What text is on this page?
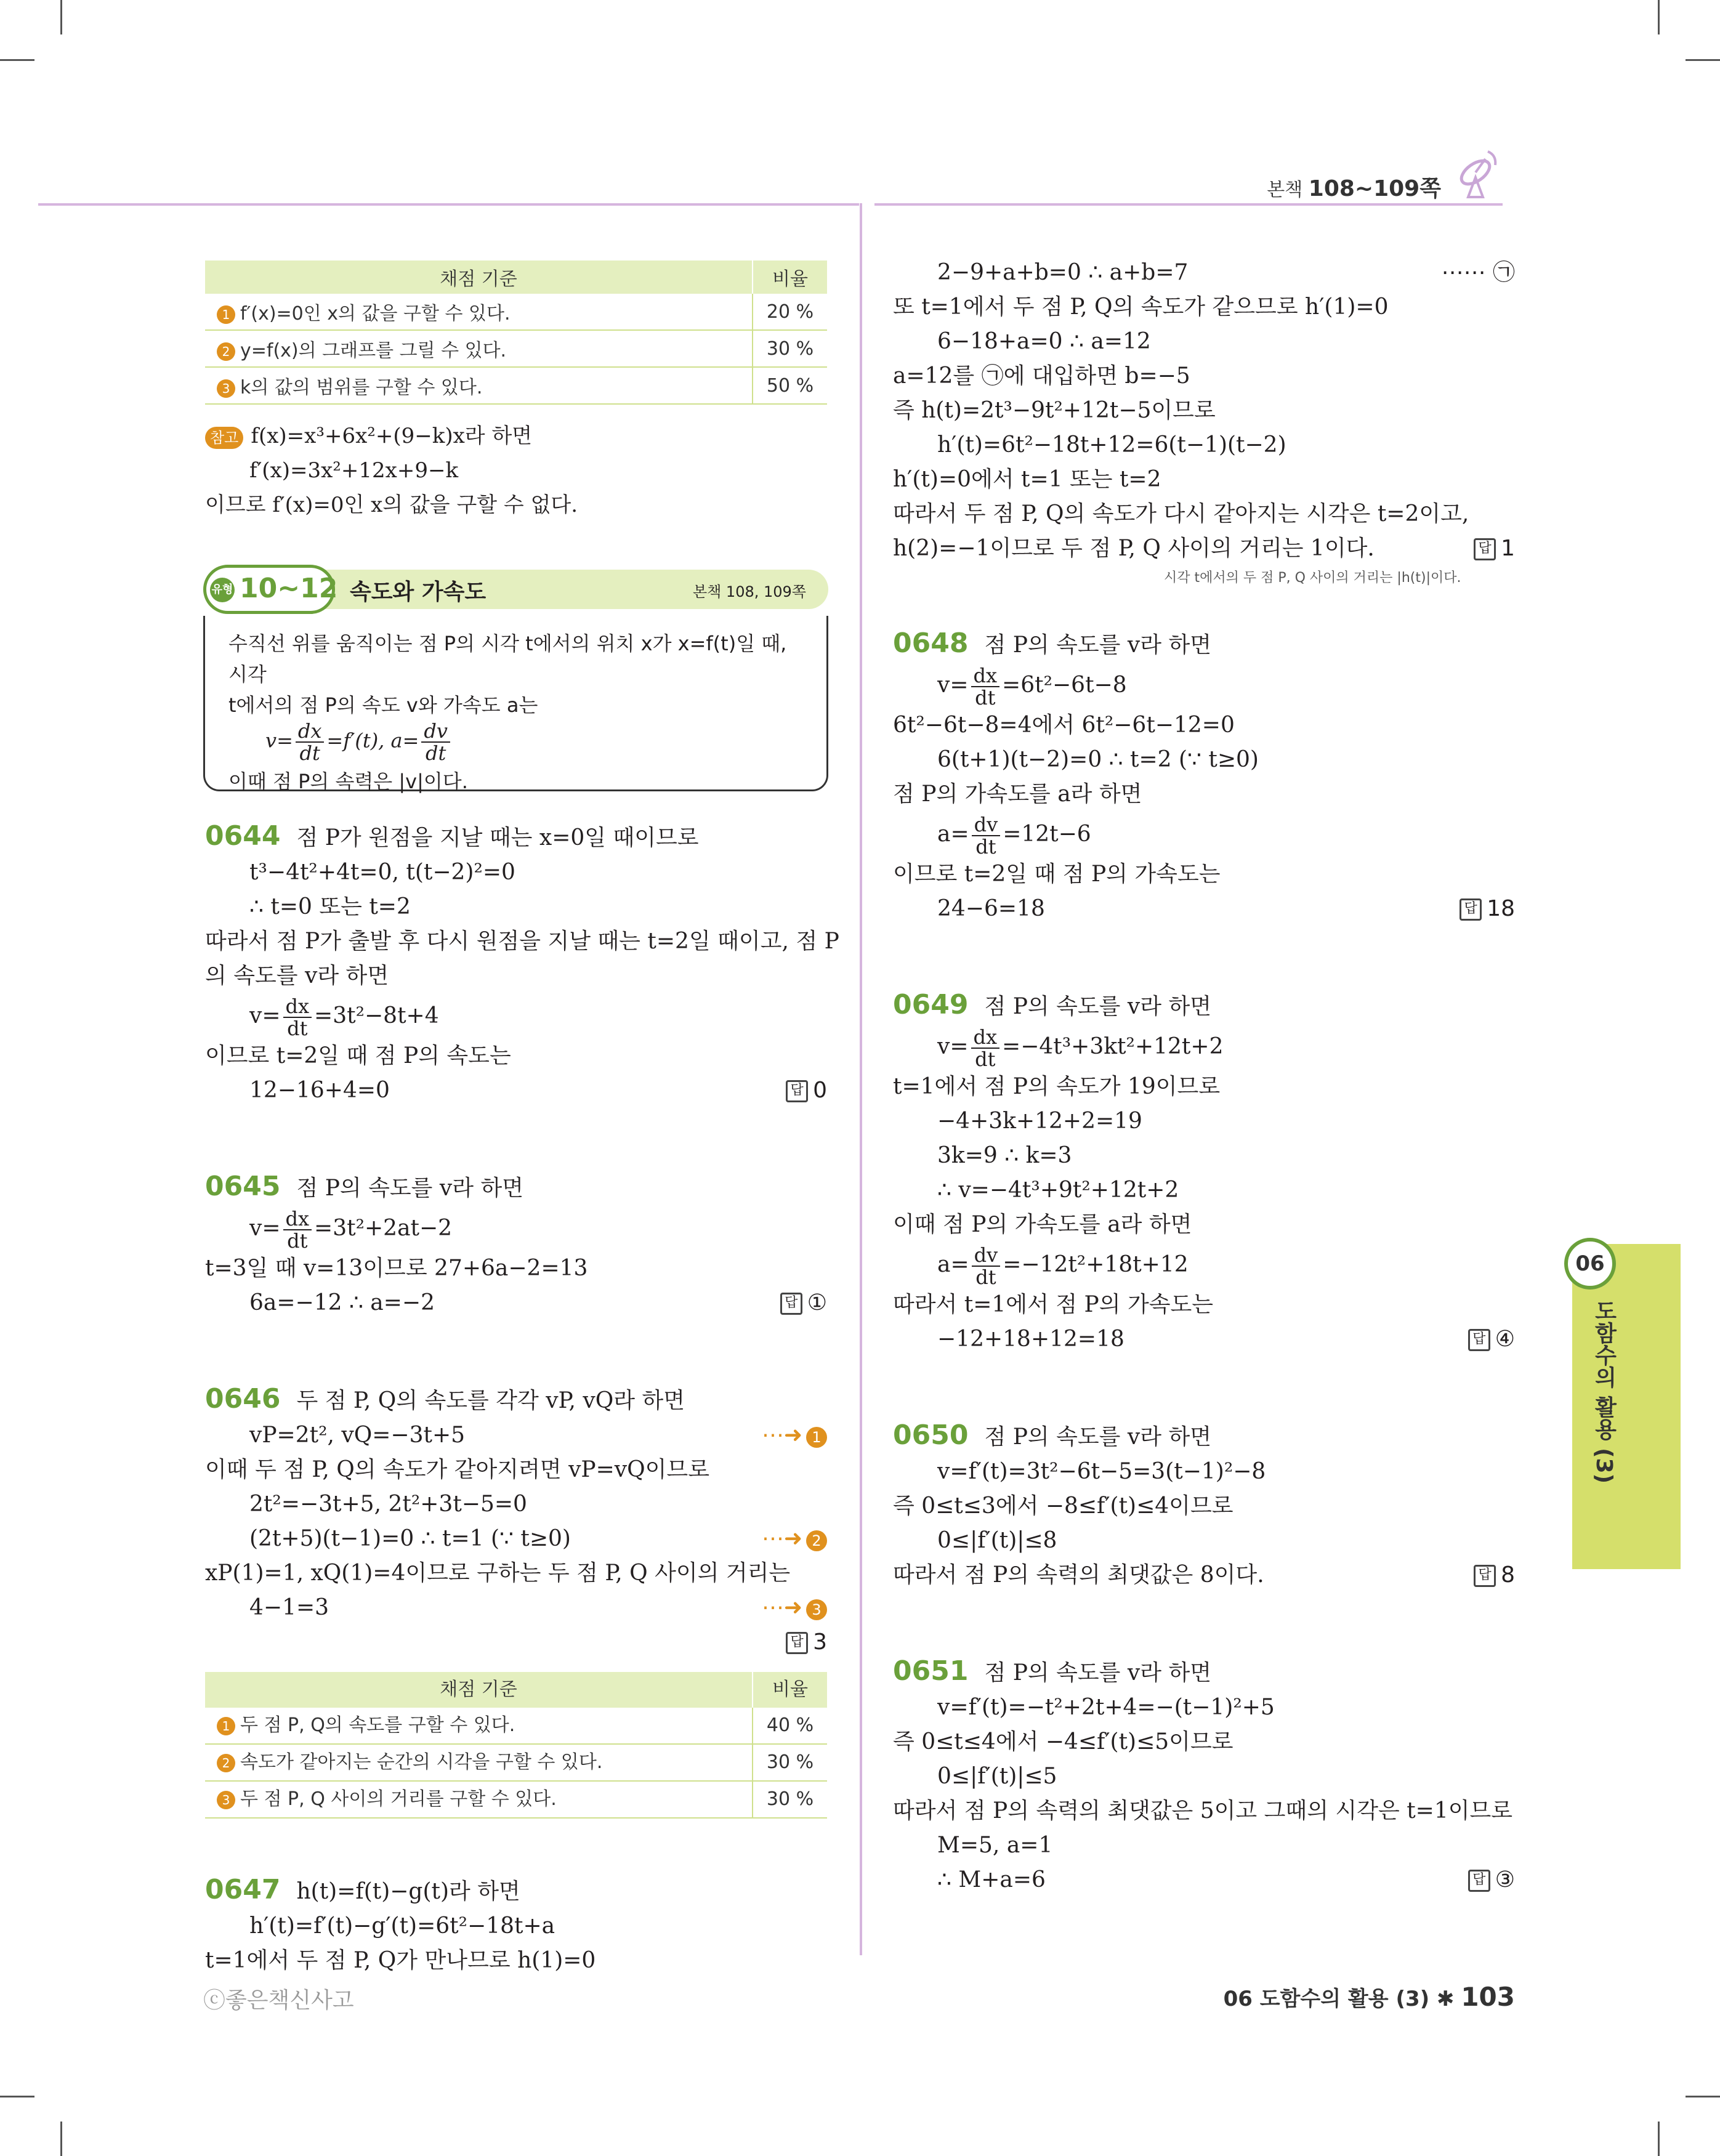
본책 108~109쪽
채점 기준	비율
1 f′(x)=0인 x의 값을 구할 수 있다.	20 %
2 y=f(x)의 그래프를 그릴 수 있다.	30 %
3 k의 값의 범위를 구할 수 있다.	50 %
참고 f(x)=x³+6x²+(9−k)x라 하면
f′(x)=3x²+12x+9−k
이므로 f′(x)=0인 x의 값을 구할 수 없다.
속도와 가속도	본책 108, 109쪽
유형 10~12
수직선 위를 움직이는 점 P의 시각 t에서의 위치 x가 x=f(t)일 때, 시각
t에서의 점 P의 속도 v와 가속도 a는
$v= \frac{dx}{dt} =f'(t)$, $a= \frac{dv}{dt}$
이때 점 P의 속력은 |v|이다.
0644 점 P가 원점을 지날 때는 x=0일 때이므로
t³−4t²+4t=0, t(t−2)²=0
∴ t=0 또는 t=2
따라서 점 P가 출발 후 다시 원점을 지날 때는 t=2일 때이고, 점 P
의 속도를 v라 하면
$v= \frac{dx}{dt} =3t^2-8t+4$
이므로 t=2일 때 점 P의 속도는
12−16+4=0	답 0
0645 점 P의 속도를 v라 하면
$v= \frac{dx}{dt} =3t^2+2at-2$
t=3일 때 v=13이므로 27+6a−2=13
6a=−12 ∴ a=−2	답 ①
0646 두 점 P, Q의 속도를 각각 vP, vQ라 하면
vP=2t², vQ=−3t+5	⋯➜ 1
이때 두 점 P, Q의 속도가 같아지려면 vP=vQ이므로
2t²=−3t+5, 2t²+3t−5=0
(2t+5)(t−1)=0 ∴ t=1 (∵ t≥0)	⋯➜ 2
xP(1)=1, xQ(1)=4이므로 구하는 두 점 P, Q 사이의 거리는
4−1=3	⋯➜ 3
답 3

채점 기준	비율
1 두 점 P, Q의 속도를 구할 수 있다.	40 %
2 속도가 같아지는 순간의 시각을 구할 수 있다.	30 %
3 두 점 P, Q 사이의 거리를 구할 수 있다.	30 %
0647 h(t)=f(t)−g(t)라 하면
h′(t)=f′(t)−g′(t)=6t²−18t+a
t=1에서 두 점 P, Q가 만나므로 h(1)=0
2−9+a+b=0 ∴ a+b=7	⋯⋯ ㉠
또 t=1에서 두 점 P, Q의 속도가 같으므로 h′(1)=0
6−18+a=0 ∴ a=12
a=12를 ㉠에 대입하면 b=−5
즉 h(t)=2t³−9t²+12t−5이므로
h′(t)=6t²−18t+12=6(t−1)(t−2)
h′(t)=0에서 t=1 또는 t=2
따라서 두 점 P, Q의 속도가 다시 같아지는 시각은 t=2이고,
h(2)=−1이므로 두 점 P, Q 사이의 거리는 1이다.	답 1
시각 t에서의 두 점 P, Q 사이의 거리는 |h(t)|이다.
0648 점 P의 속도를 v라 하면
$v= \frac{dx}{dt} =6t^2-6t-8$
6t²−6t−8=4에서 6t²−6t−12=0
6(t+1)(t−2)=0 ∴ t=2 (∵ t≥0)
점 P의 가속도를 a라 하면
$a= \frac{dv}{dt} =12t-6$
이므로 t=2일 때 점 P의 가속도는
24−6=18	답 18
0649 점 P의 속도를 v라 하면
$v= \frac{dx}{dt} =-4t^3+3kt^2+12t+2$
t=1에서 점 P의 속도가 19이므로
−4+3k+12+2=19
3k=9 ∴ k=3
∴ v=−4t³+9t²+12t+2
이때 점 P의 가속도를 a라 하면
$a= \frac{dv}{dt} =-12t^2+18t+12$
따라서 t=1에서 점 P의 가속도는
−12+18+12=18	답 ④
0650 점 P의 속도를 v라 하면
v=f′(t)=3t²−6t−5=3(t−1)²−8
즉 0≤t≤3에서 −8≤f′(t)≤4이므로
0≤|f′(t)|≤8
따라서 점 P의 속력의 최댓값은 8이다.	답 8
0651 점 P의 속도를 v라 하면
v=f′(t)=−t²+2t+4=−(t−1)²+5
즉 0≤t≤4에서 −4≤f′(t)≤5이므로
0≤|f′(t)|≤5
따라서 점 P의 속력의 최댓값은 5이고 그때의 시각은 t=1이므로
M=5, a=1
∴ M+a=6	답 ③
06
도함수의 활용 (3)
ⓒ좋은책신사고	06 도함수의 활용 (3) ✱ 103
